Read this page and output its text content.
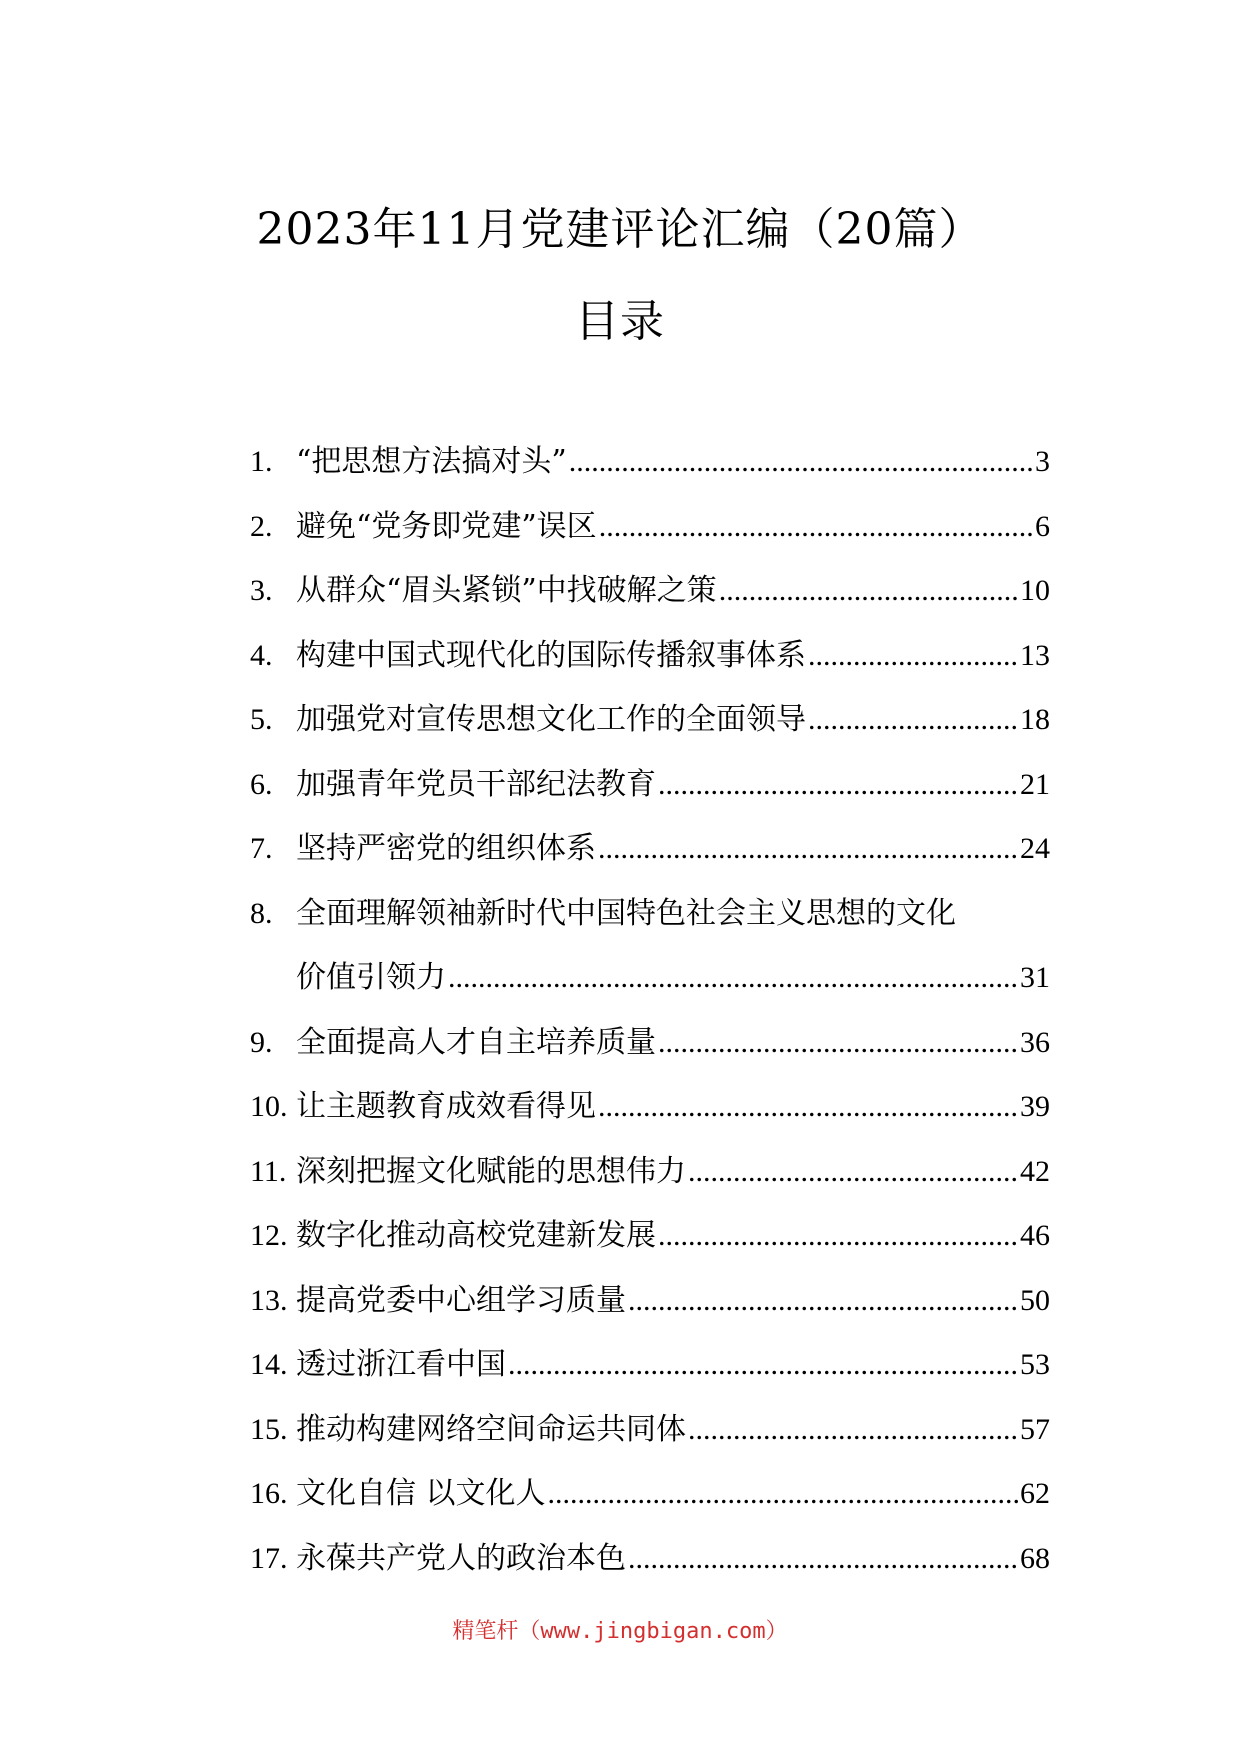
2023年11月党建评论汇编（20篇）
目录
1. “把思想方法搞对头” .....	3
2. 避免“党务即党建”误区 .....	6
3. 从群众“眉头紧锁”中找破解之策 .....	10
4. 构建中国式现代化的国际传播叙事体系 .....	13
5. 加强党对宣传思想文化工作的全面领导 .....	18
6. 加强青年党员干部纪法教育 .....	21
7. 坚持严密党的组织体系 .....	24
8. 全面理解领袖新时代中国特色社会主义思想的文化
价值引领力 .....	31
9. 全面提高人才自主培养质量 .....	36
10. 让主题教育成效看得见 .....	39
11. 深刻把握文化赋能的思想伟力 .....	42
12. 数字化推动高校党建新发展 .....	46
13. 提高党委中心组学习质量 .....	50
14. 透过浙江看中国 .....	53
15. 推动构建网络空间命运共同体 .....	57
16. 文化自信 以文化人 .....	62
17. 永葆共产党人的政治本色 .....	68
精笔杆（www.jingbigan.com）
